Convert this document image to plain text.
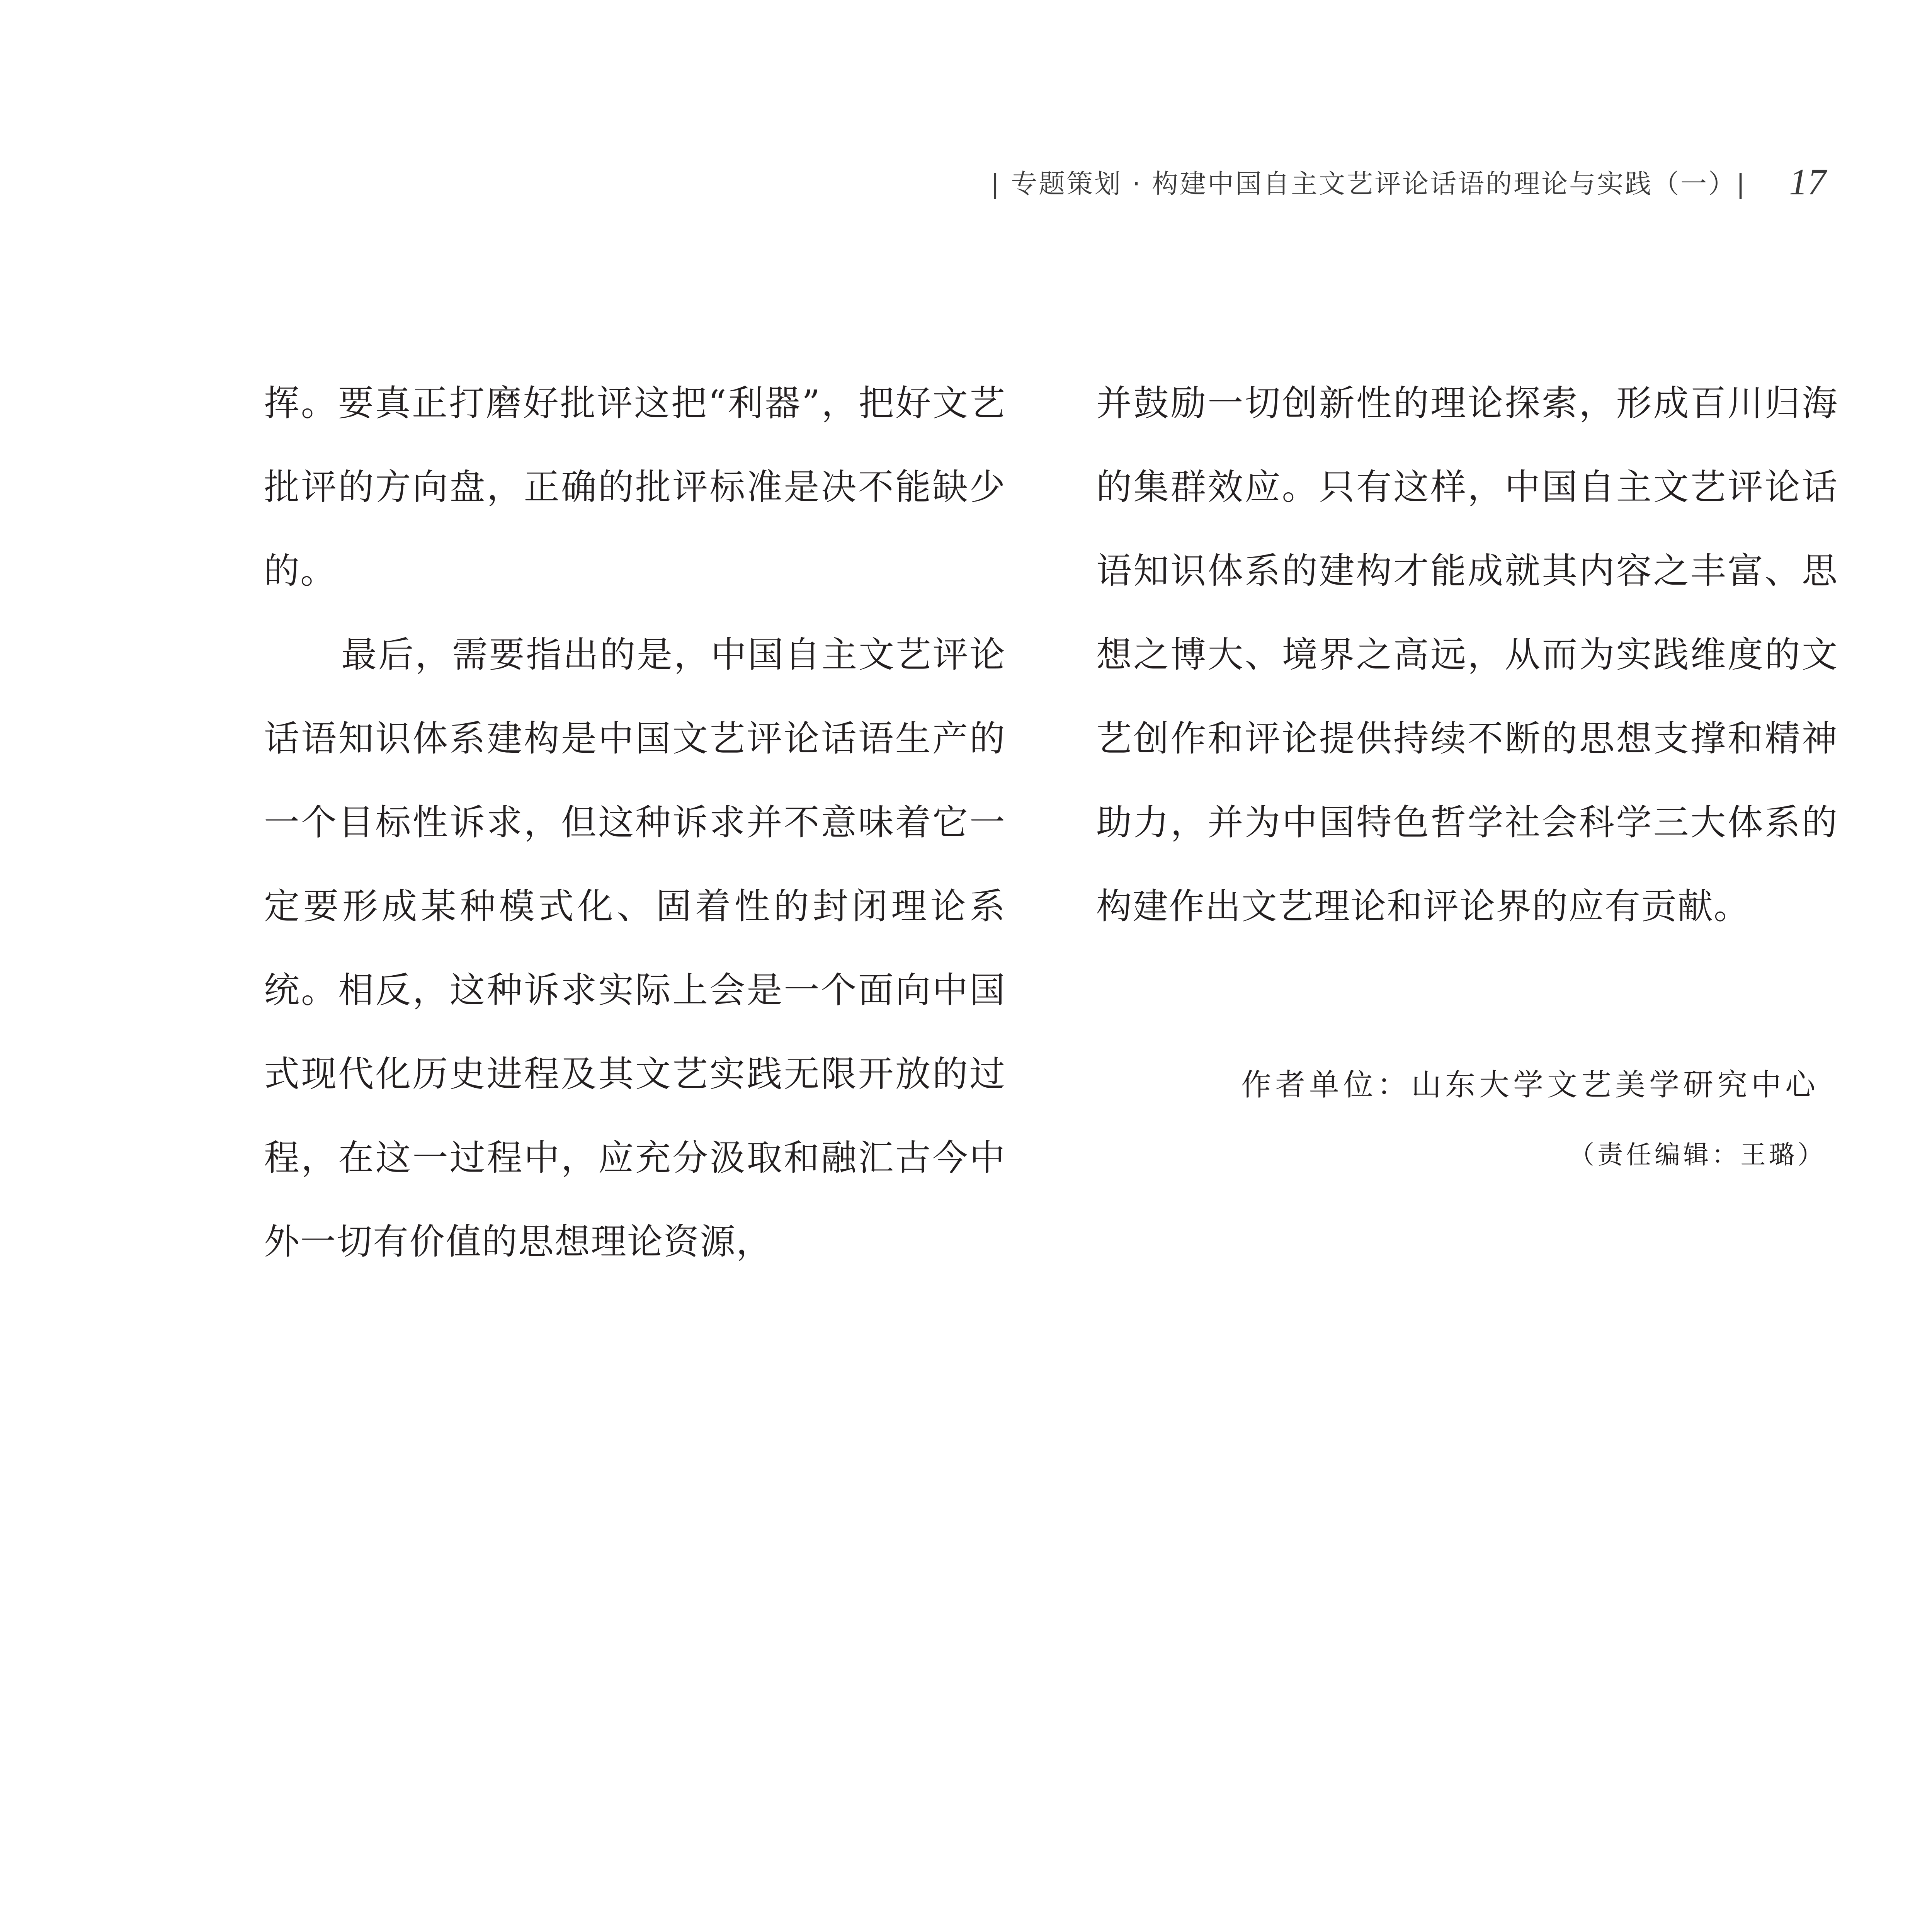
| 专题策划 · 构建中国自主文艺评论话语的理论与实践（一）| 17

挥。要真正打磨好批评这把“利器”，把好文艺批评的方向盘，正确的批评标准是决不能缺少的。

最后，需要指出的是，中国自主文艺评论话语知识体系建构是中国文艺评论话语生产的一个目标性诉求，但这种诉求并不意味着它一定要形成某种模式化、固着性的封闭理论系统。相反，这种诉求实际上会是一个面向中国式现代化历史进程及其文艺实践无限开放的过程，在这一过程中，应充分汲取和融汇古今中外一切有价值的思想理论资源，

并鼓励一切创新性的理论探索，形成百川归海的集群效应。只有这样，中国自主文艺评论话语知识体系的建构才能成就其内容之丰富、思想之博大、境界之高远，从而为实践维度的文艺创作和评论提供持续不断的思想支撑和精神助力，并为中国特色哲学社会科学三大体系的构建作出文艺理论和评论界的应有贡献。

作者单位：山东大学文艺美学研究中心
（责任编辑：王璐）
